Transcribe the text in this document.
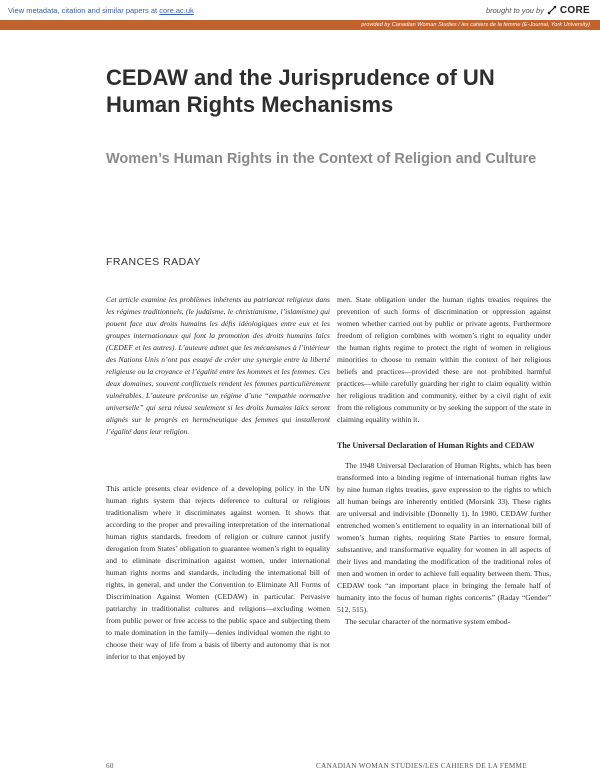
View metadata, citation and similar papers at core.ac.uk	brought to you by CORE
provided by Canadian Woman Studies / les cahiers de la femme (E-Journal, York University)
CEDAW and the Jurisprudence of UN Human Rights Mechanisms
Women’s Human Rights in the Context of Religion and Culture
FRANCES RADAY

Cet article examine les problèmes inhérents au patriarcat religieux dans les régimes traditionnels, (le judaïsme, le christianisme, l’islamisme) qui pouent face aux droits humains les défis idéologiques entre eux et les groupes internationaux qui font la promotion des droits humains laïcs (CEDEF et les autres). L’auteure admet que les mécanismes à l’intérieur des Nations Unis n’ont pas essayé de créer une synergie entre la liberté religieuse ou la croyance et l’égalité entre les hommes et les femmes. Ces deux domaines, souvent conflictuels rendent les femmes particulièrement vulnérables. L’auteure préconise un régime d’une “empathie normative universelle” qui sera réussi seulement si les droits humains laïcs seront alignés sur le progrès en herméneutique des femmes qui installeront l’égalité dans leur religion.

This article presents clear evidence of a developing policy in the UN human rights system that rejects deference to cultural or religious traditionalism where it discriminates against women. It shows that according to the proper and prevailing interpretation of the international human rights standards, freedom of religion or culture cannot justify derogation from States’ obligation to guarantee women’s right to equality and to eliminate discrimination against women, under international human rights norms and standards, including the international bill of rights, in general, and under the Convention to Eliminate All Forms of Discrimination Against Women (CEDAW) in particular. Pervasive patriarchy in traditionalist cultures and religions—excluding women from public power or free access to the public space and subjecting them to male domination in the family—denies individual women the right to choose their way of life from a basis of liberty and autonomy that is not inferior to that enjoyed by

men. State obligation under the human rights treaties requires the prevention of such forms of discrimination or oppression against women whether carried out by public or private agents. Furthermore freedom of religion combines with women’s right to equality under the human rights regime to protect the right of women in religious minorities to choose to remain within the context of her religious beliefs and practices—provided these are not prohibited harmful practices—while carefully guarding her right to claim equality within her religious tradition and community, either by a civil right of exit from the religious community or by seeking the support of the state in claiming equality within it.

The Universal Declaration of Human Rights and CEDAW

The 1948 Universal Declaration of Human Rights, which has been transformed into a binding regime of international human rights law by nine human rights treaties, gave expression to the rights to which all human beings are inherently entitled (Morsink 33). These rights are universal and indivisible (Donnelly 1). In 1980, CEDAW further entrenched women’s entitlement to equality in an international bill of women’s human rights, requiring State Parties to ensure formal, substantive, and transformative equality for women in all aspects of their lives and mandating the modification of the traditional roles of men and women in order to achieve full equality between them. Thus, CEDAW took “an important place in bringing the female half of humanity into the focus of human rights concerns” (Raday “Gender” 512, 515).

The secular character of the normative system embod-

60	CANADIAN WOMAN STUDIES/LES CAHIERS DE LA FEMME
